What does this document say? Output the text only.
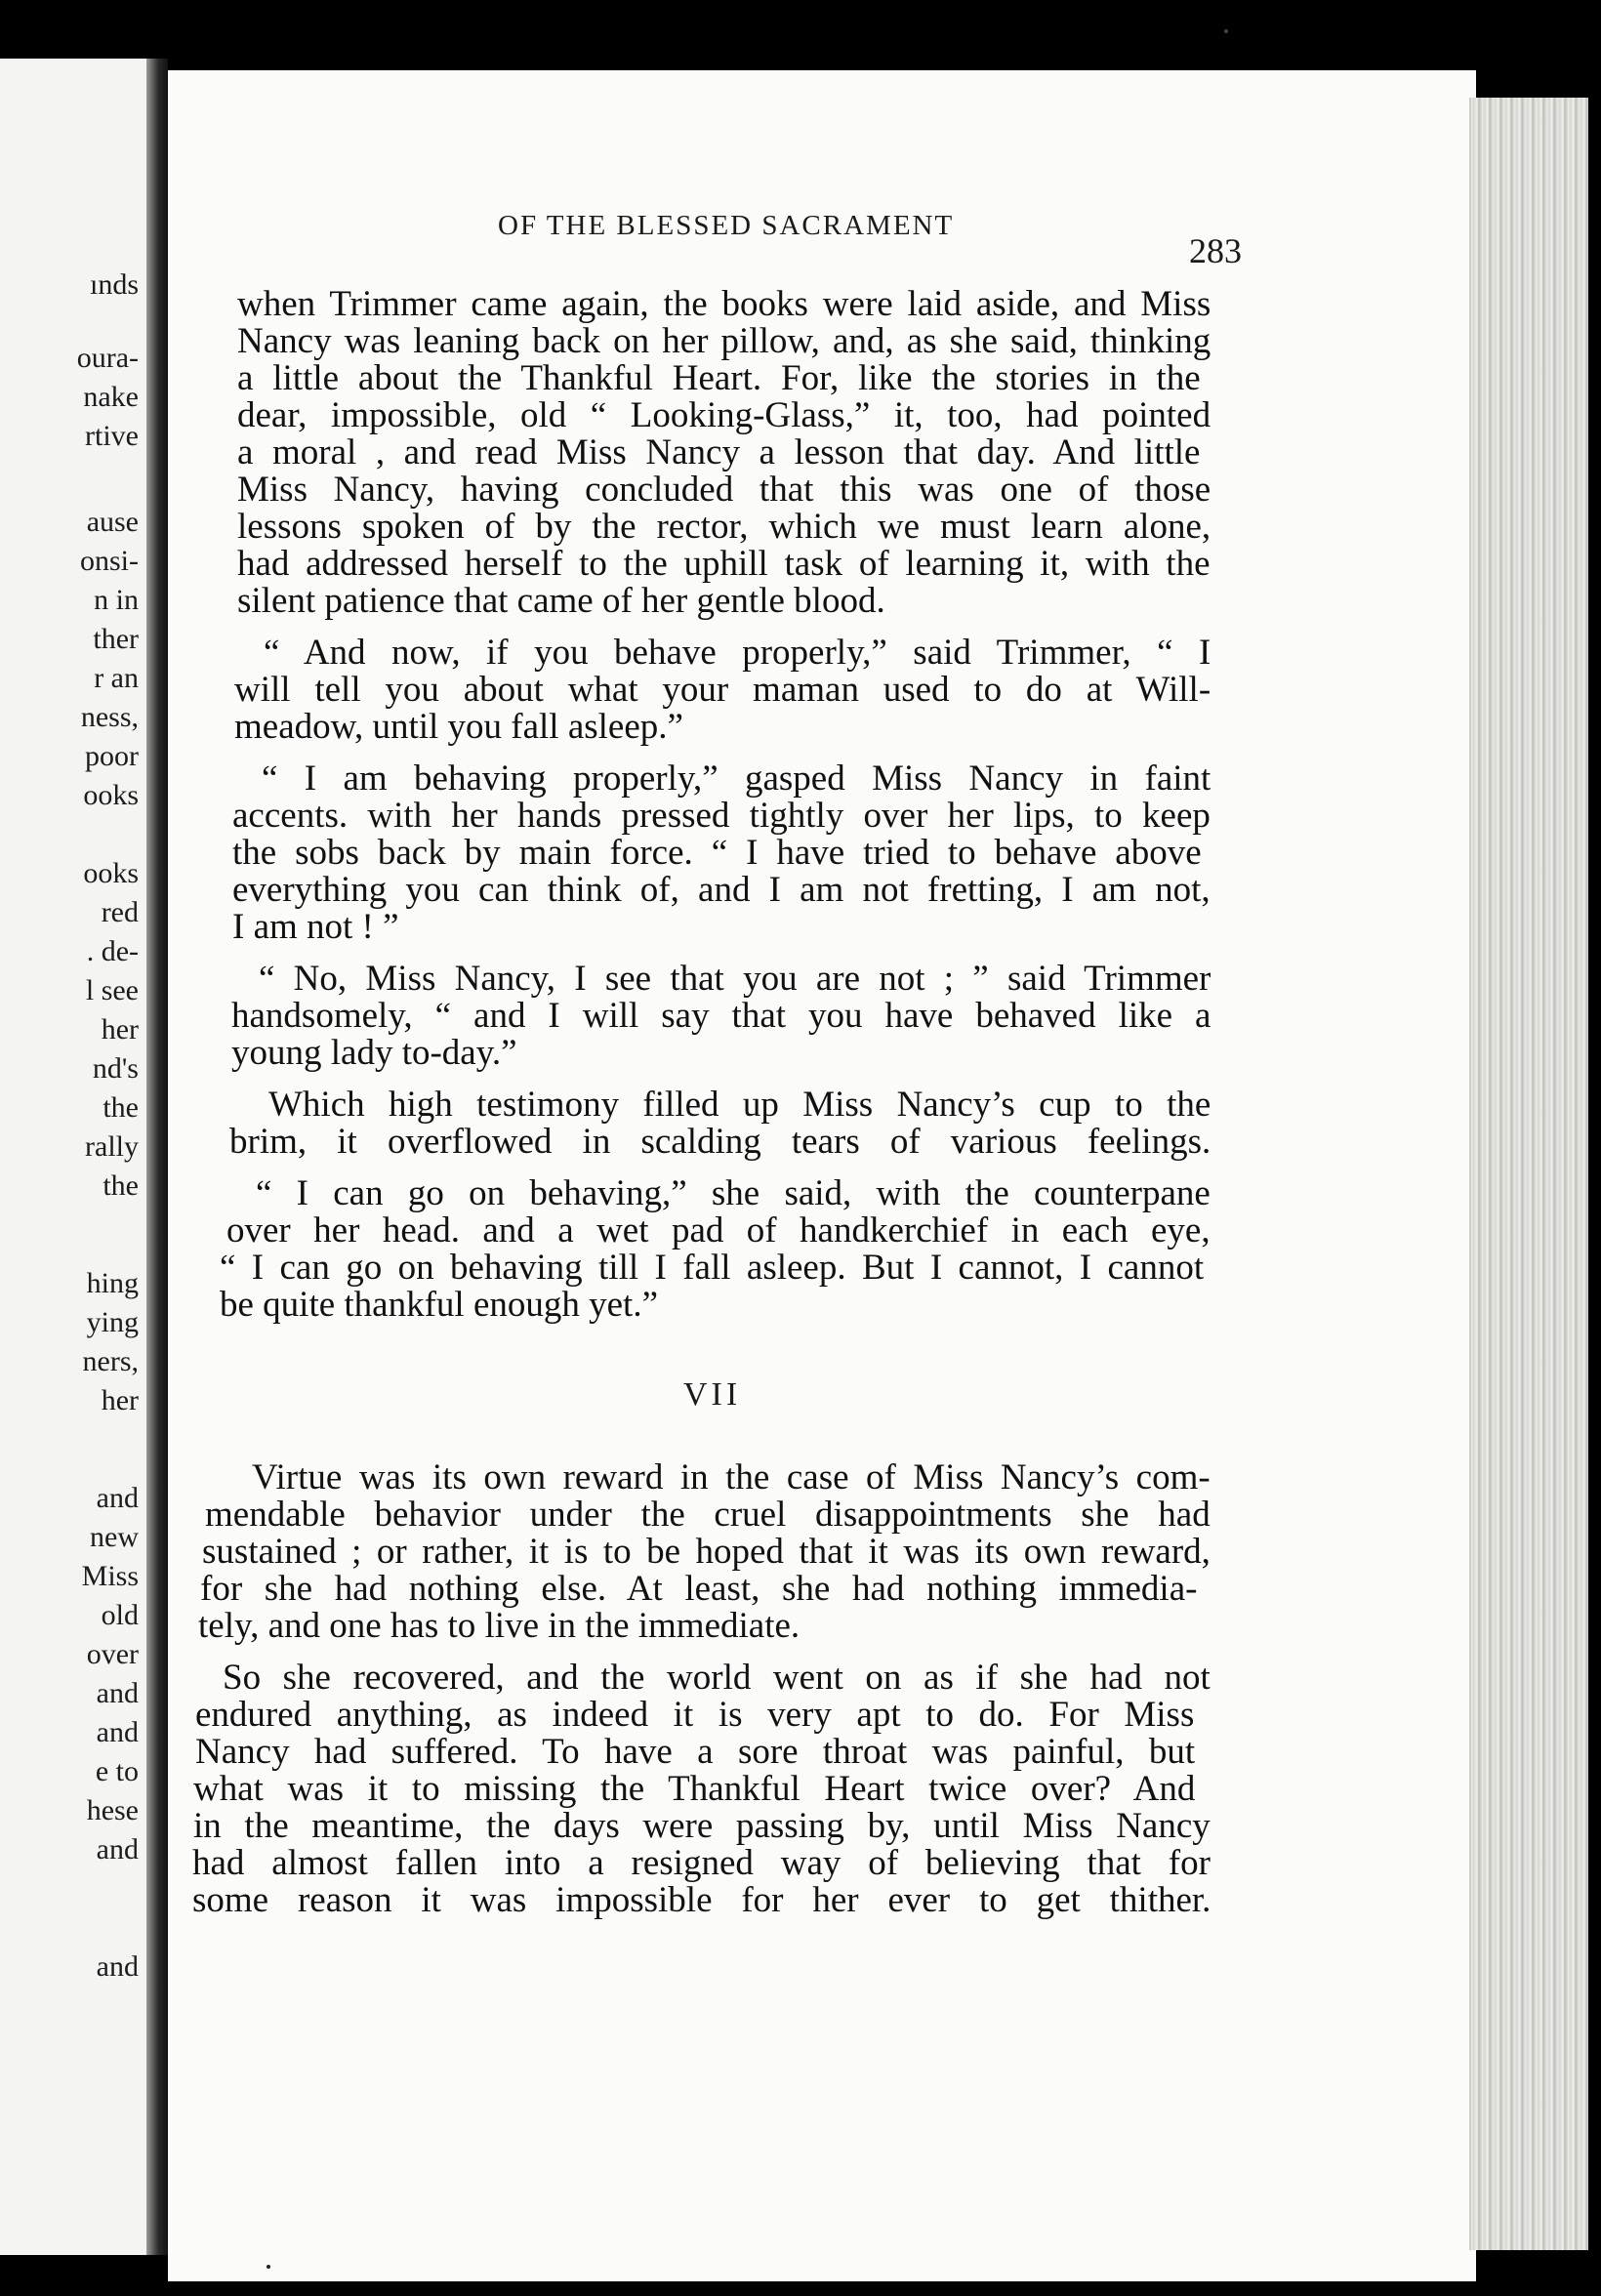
ınds
oura-
nake
rtive
ause
onsi-
n in
ther
r an
ness,
poor
ooks
ooks
red
. de-
l see
her
nd's
the
rally
the
hing
ying
ners,
her
and
new
Miss
old
over
and
and
e to
hese
and
and
OF THE BLESSED SACRAMENT
283
when Trimmer came again, the books were laid aside, and Miss
Nancy was leaning back on her pillow, and, as she said, thinking
a little about the Thankful Heart. For, like the stories in the
dear, impossible, old “ Looking-Glass,” it, too, had pointed
a moral , and read Miss Nancy a lesson that day. And little
Miss Nancy, having concluded that this was one of those
lessons spoken of by the rector, which we must learn alone,
had addressed herself to the uphill task of learning it, with the
silent patience that came of her gentle blood.
“ And now, if you behave properly,” said Trimmer, “ I
will tell you about what your maman used to do at Will-
meadow, until you fall asleep.”
“ I am behaving properly,” gasped Miss Nancy in faint
accents. with her hands pressed tightly over her lips, to keep
the sobs back by main force. “ I have tried to behave above
everything you can think of, and I am not fretting, I am not,
I am not ! ”
“ No, Miss Nancy, I see that you are not ; ” said Trimmer
handsomely, “ and I will say that you have behaved like a
young lady to-day.”
Which high testimony filled up Miss Nancy’s cup to the
brim, it overflowed in scalding tears of various feelings.
“ I can go on behaving,” she said, with the counterpane
over her head. and a wet pad of handkerchief in each eye,
“ I can go on behaving till I fall asleep. But I cannot, I cannot
be quite thankful enough yet.”
VII
Virtue was its own reward in the case of Miss Nancy’s com-
mendable behavior under the cruel disappointments she had
sustained ; or rather, it is to be hoped that it was its own reward,
for she had nothing else. At least, she had nothing immedia-
tely, and one has to live in the immediate.
So she recovered, and the world went on as if she had not
endured anything, as indeed it is very apt to do. For Miss
Nancy had suffered. To have a sore throat was painful, but
what was it to missing the Thankful Heart twice over? And
in the meantime, the days were passing by, until Miss Nancy
had almost fallen into a resigned way of believing that for
some reason it was impossible for her ever to get thither.
